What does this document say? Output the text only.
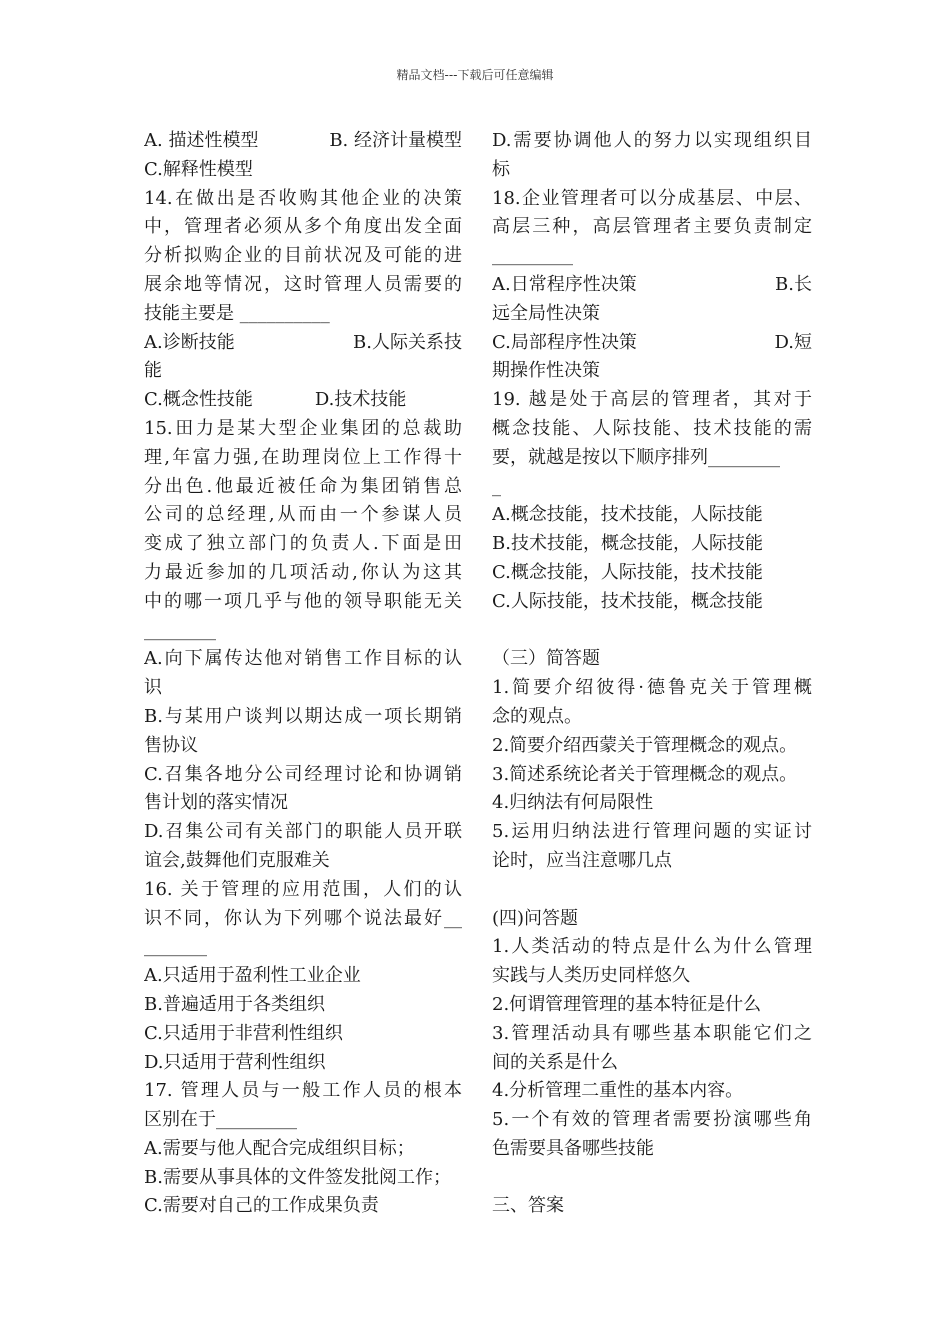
精品文档---下载后可任意编辑
A. 描述性模型	B. 经济计量模型
C.解释性模型
14.在做出是否收购其他企业的决策
中，管理者必须从多个角度出发全面
分析拟购企业的目前状况及可能的进
展余地等情况，这时管理人员需要的
技能主要是 __________
A.诊断技能	B.人际关系技
能
C.概念性技能	D.技术技能
15.田力是某大型企业集团的总裁助
理,年富力强,在助理岗位上工作得十
分出色.他最近被任命为集团销售总
公司的总经理,从而由一个参谋人员
变成了独立部门的负责人.下面是田
力最近参加的几项活动,你认为这其
中的哪一项几乎与他的领导职能无关
________
A.向下属传达他对销售工作目标的认
识
B.与某用户谈判以期达成一项长期销
售协议
C.召集各地分公司经理讨论和协调销
售计划的落实情况
D.召集公司有关部门的职能人员开联
谊会,鼓舞他们克服难关
16. 关于管理的应用范围，人们的认
识不同，你认为下列哪个说法最好__
_______
A.只适用于盈利性工业企业
B.普遍适用于各类组织
C.只适用于非营利性组织
D.只适用于营利性组织
17. 管理人员与一般工作人员的根本
区别在于_________
A.需要与他人配合完成组织目标；
B.需要从事具体的文件签发批阅工作；
C.需要对自己的工作成果负责
D.需要协调他人的努力以实现组织目
标
18.企业管理者可以分成基层、中层、
高层三种，高层管理者主要负责制定
_________
A.日常程序性决策	B.长
远全局性决策
C.局部程序性决策	D.短
期操作性决策
19. 越是处于高层的管理者，其对于
概念技能、人际技能、技术技能的需
要，就越是按以下顺序排列________
_
A.概念技能，技术技能，人际技能
B.技术技能，概念技能，人际技能
C.概念技能，人际技能，技术技能
C.人际技能，技术技能，概念技能
（三）简答题
1.简要介绍彼得·德鲁克关于管理概
念的观点。
2.简要介绍西蒙关于管理概念的观点。
3.简述系统论者关于管理概念的观点。
4.归纳法有何局限性
5.运用归纳法进行管理问题的实证讨
论时，应当注意哪几点
(四)问答题
1.人类活动的特点是什么为什么管理
实践与人类历史同样悠久
2.何谓管理管理的基本特征是什么
3.管理活动具有哪些基本职能它们之
间的关系是什么
4.分析管理二重性的基本内容。
5.一个有效的管理者需要扮演哪些角
色需要具备哪些技能
三、答案
